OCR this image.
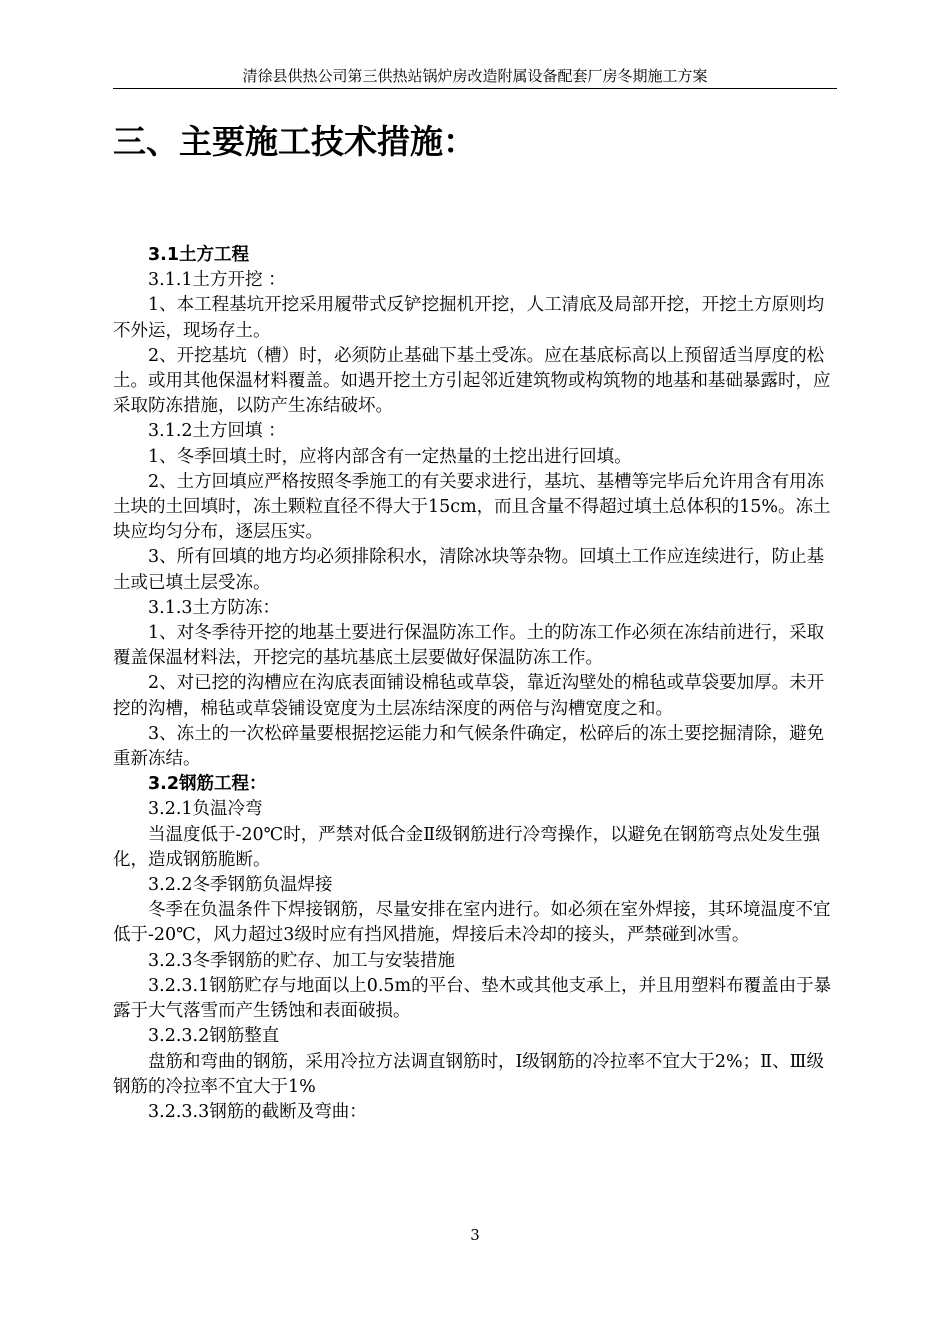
清徐县供热公司第三供热站锅炉房改造附属设备配套厂房冬期施工方案
三、主要施工技术措施：

3.1土方工程

3.1.1土方开挖 ：

1、本工程基坑开挖采用履带式反铲挖掘机开挖，人工清底及局部开挖，开挖土方原则均不外运，现场存土。

2、开挖基坑（槽）时，必须防止基础下基土受冻。应在基底标高以上预留适当厚度的松土。或用其他保温材料覆盖。如遇开挖土方引起邻近建筑物或构筑物的地基和基础暴露时，应采取防冻措施，以防产生冻结破坏。

3.1.2土方回填 ：

1、冬季回填土时，应将内部含有一定热量的土挖出进行回填。

2、土方回填应严格按照冬季施工的有关要求进行，基坑、基槽等完毕后允许用含有用冻土块的土回填时，冻土颗粒直径不得大于15cm，而且含量不得超过填土总体积的15%。冻土块应均匀分布，逐层压实。

3、所有回填的地方均必须排除积水，清除冰块等杂物。回填土工作应连续进行，防止基土或已填土层受冻。

3.1.3土方防冻：

1、对冬季待开挖的地基土要进行保温防冻工作。土的防冻工作必须在冻结前进行，采取覆盖保温材料法，开挖完的基坑基底土层要做好保温防冻工作。

2、对已挖的沟槽应在沟底表面铺设棉毡或草袋，靠近沟壁处的棉毡或草袋要加厚。未开挖的沟槽，棉毡或草袋铺设宽度为土层冻结深度的两倍与沟槽宽度之和。

3、冻土的一次松碎量要根据挖运能力和气候条件确定，松碎后的冻土要挖掘清除，避免重新冻结。

3.2钢筋工程：

3.2.1负温冷弯

当温度低于-20℃时，严禁对低合金Ⅱ级钢筋进行冷弯操作，以避免在钢筋弯点处发生强化，造成钢筋脆断。

3.2.2冬季钢筋负温焊接

冬季在负温条件下焊接钢筋，尽量安排在室内进行。如必须在室外焊接，其环境温度不宜低于-20℃，风力超过3级时应有挡风措施，焊接后未冷却的接头，严禁碰到冰雪。

3.2.3冬季钢筋的贮存、加工与安装措施

3.2.3.1钢筋贮存与地面以上0.5m的平台、垫木或其他支承上，并且用塑料布覆盖由于暴露于大气落雪而产生锈蚀和表面破损。

3.2.3.2钢筋整直

盘筋和弯曲的钢筋，采用冷拉方法调直钢筋时，Ⅰ级钢筋的冷拉率不宜大于2%；Ⅱ、Ⅲ级钢筋的冷拉率不宜大于1%

3.2.3.3钢筋的截断及弯曲：

3
